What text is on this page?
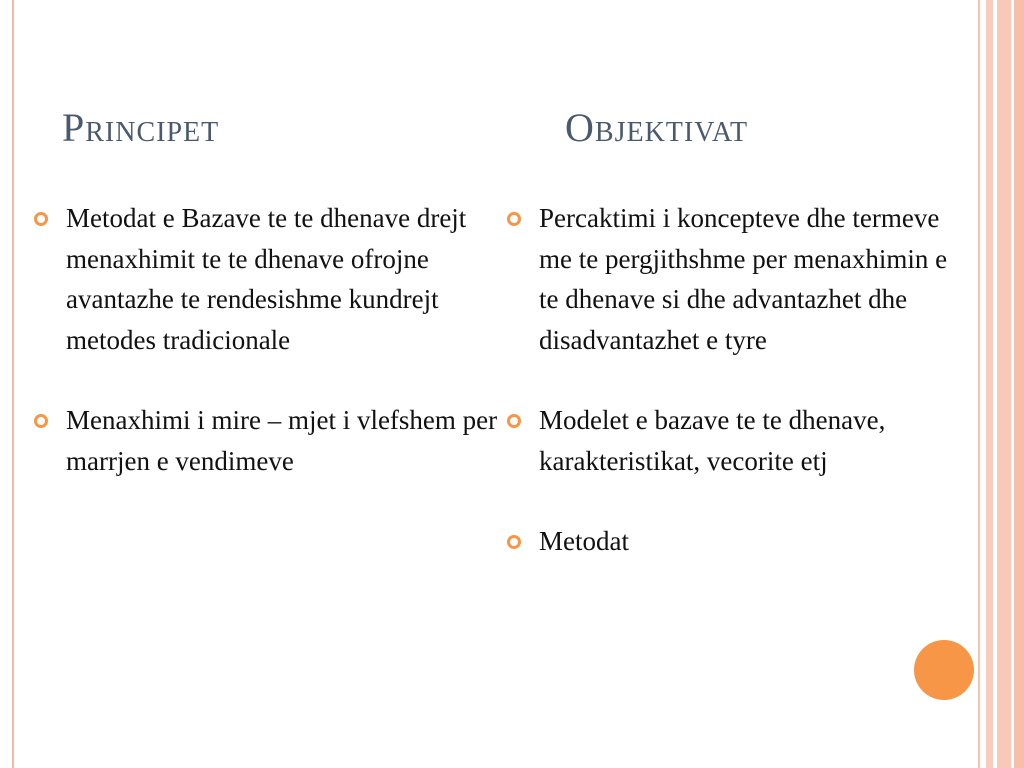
Principet	Objektivat
Metodat e Bazave te te dhenave drejt menaxhimit te te dhenave ofrojne avantazhe te rendesishme kundrejt metodes tradicionale
Menaxhimi i mire – mjet i vlefshem per marrjen e vendimeve
Percaktimi i koncepteve dhe termeve me te pergjithshme per menaxhimin e te dhenave si dhe advantazhet dhe disadvantazhet e tyre
Modelet e bazave te te dhenave, karakteristikat, vecorite etj
Metodat
